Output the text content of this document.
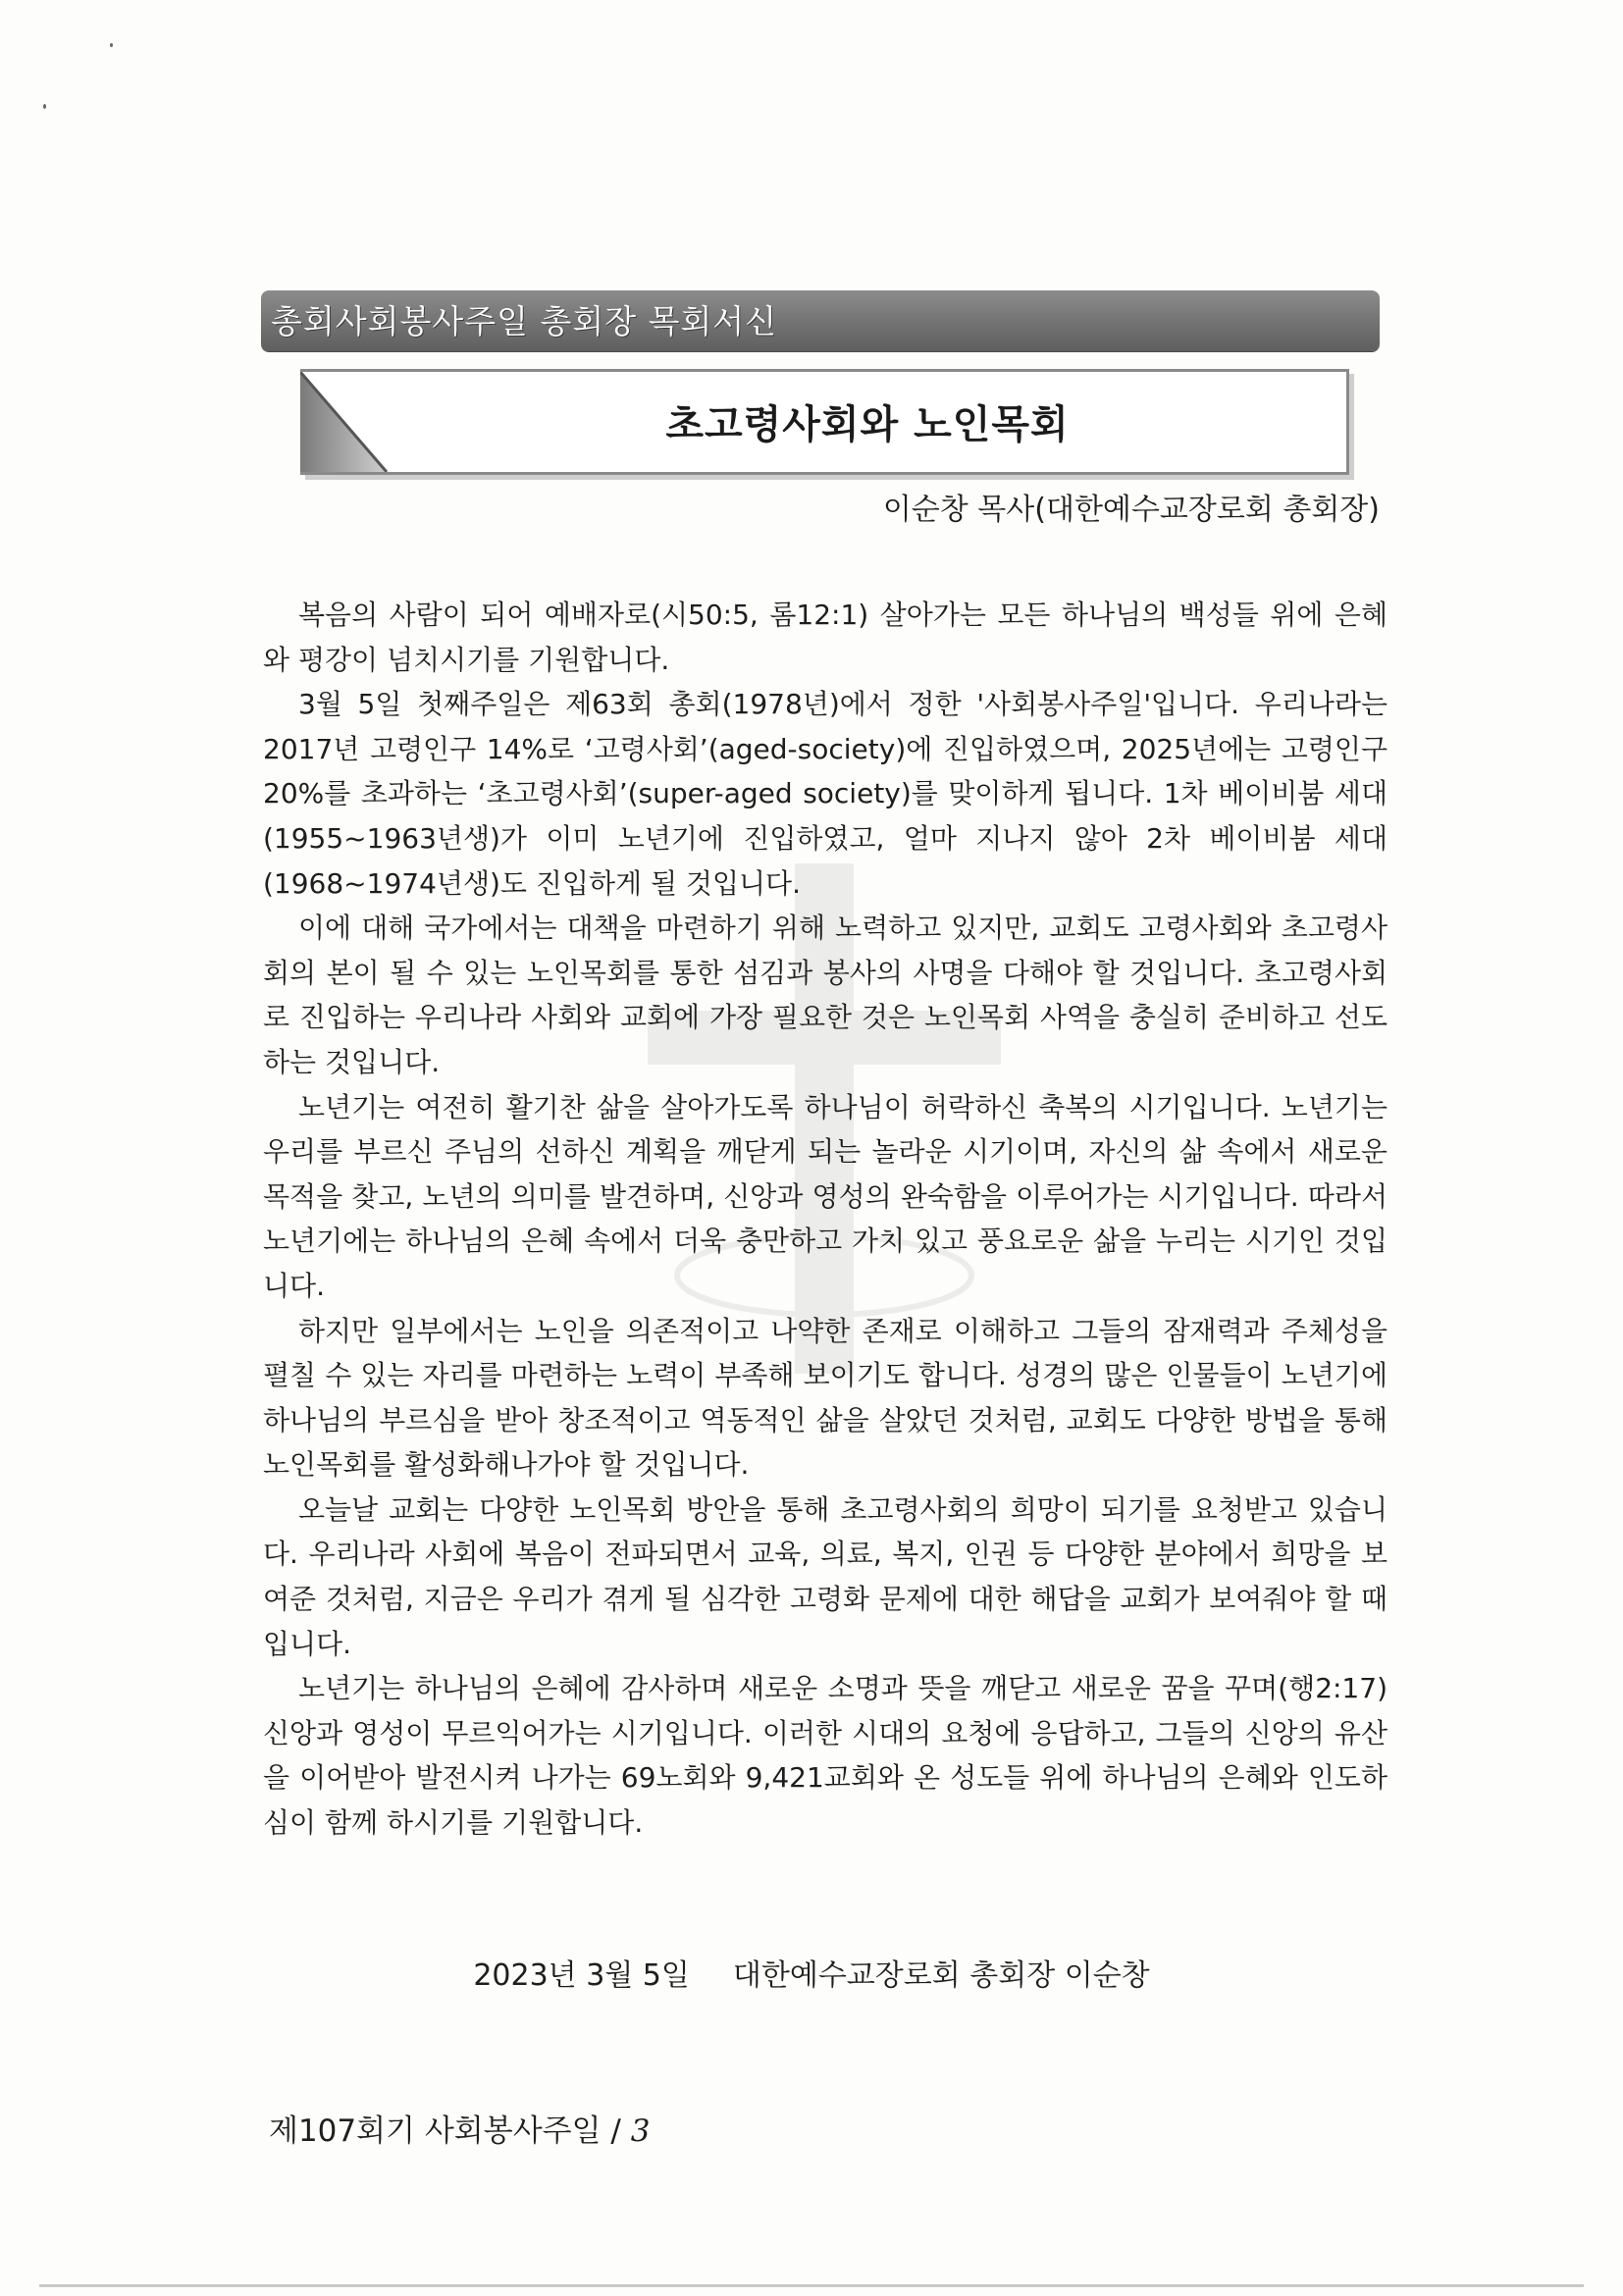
총회사회봉사주일 총회장 목회서신
초고령사회와 노인목회
이순창 목사(대한예수교장로회 총회장)

복음의 사람이 되어 예배자로(시50:5, 롬12:1) 살아가는 모든 하나님의 백성들 위에 은혜와 평강이 넘치시기를 기원합니다.

3월 5일 첫째주일은 제63회 총회(1978년)에서 정한 '사회봉사주일'입니다. 우리나라는 2017년 고령인구 14%로 ‘고령사회’(aged-society)에 진입하였으며, 2025년에는 고령인구 20%를 초과하는 ‘초고령사회’(super-aged society)를 맞이하게 됩니다. 1차 베이비붐 세대(1955~1963년생)가 이미 노년기에 진입하였고, 얼마 지나지 않아 2차 베이비붐 세대(1968~1974년생)도 진입하게 될 것입니다.

이에 대해 국가에서는 대책을 마련하기 위해 노력하고 있지만, 교회도 고령사회와 초고령사회의 본이 될 수 있는 노인목회를 통한 섬김과 봉사의 사명을 다해야 할 것입니다. 초고령사회로 진입하는 우리나라 사회와 교회에 가장 필요한 것은 노인목회 사역을 충실히 준비하고 선도하는 것입니다.

노년기는 여전히 활기찬 삶을 살아가도록 하나님이 허락하신 축복의 시기입니다. 노년기는 우리를 부르신 주님의 선하신 계획을 깨닫게 되는 놀라운 시기이며, 자신의 삶 속에서 새로운 목적을 찾고, 노년의 의미를 발견하며, 신앙과 영성의 완숙함을 이루어가는 시기입니다. 따라서 노년기에는 하나님의 은혜 속에서 더욱 충만하고 가치 있고 풍요로운 삶을 누리는 시기인 것입니다.

하지만 일부에서는 노인을 의존적이고 나약한 존재로 이해하고 그들의 잠재력과 주체성을 펼칠 수 있는 자리를 마련하는 노력이 부족해 보이기도 합니다. 성경의 많은 인물들이 노년기에 하나님의 부르심을 받아 창조적이고 역동적인 삶을 살았던 것처럼, 교회도 다양한 방법을 통해 노인목회를 활성화해나가야 할 것입니다.

오늘날 교회는 다양한 노인목회 방안을 통해 초고령사회의 희망이 되기를 요청받고 있습니다. 우리나라 사회에 복음이 전파되면서 교육, 의료, 복지, 인권 등 다양한 분야에서 희망을 보여준 것처럼, 지금은 우리가 겪게 될 심각한 고령화 문제에 대한 해답을 교회가 보여줘야 할 때입니다.

노년기는 하나님의 은혜에 감사하며 새로운 소명과 뜻을 깨닫고 새로운 꿈을 꾸며(행2:17) 신앙과 영성이 무르익어가는 시기입니다. 이러한 시대의 요청에 응답하고, 그들의 신앙의 유산을 이어받아 발전시켜 나가는 69노회와 9,421교회와 온 성도들 위에 하나님의 은혜와 인도하심이 함께 하시기를 기원합니다.

2023년 3월 5일 대한예수교장로회 총회장 이순창
제107회기 사회봉사주일 / 3
